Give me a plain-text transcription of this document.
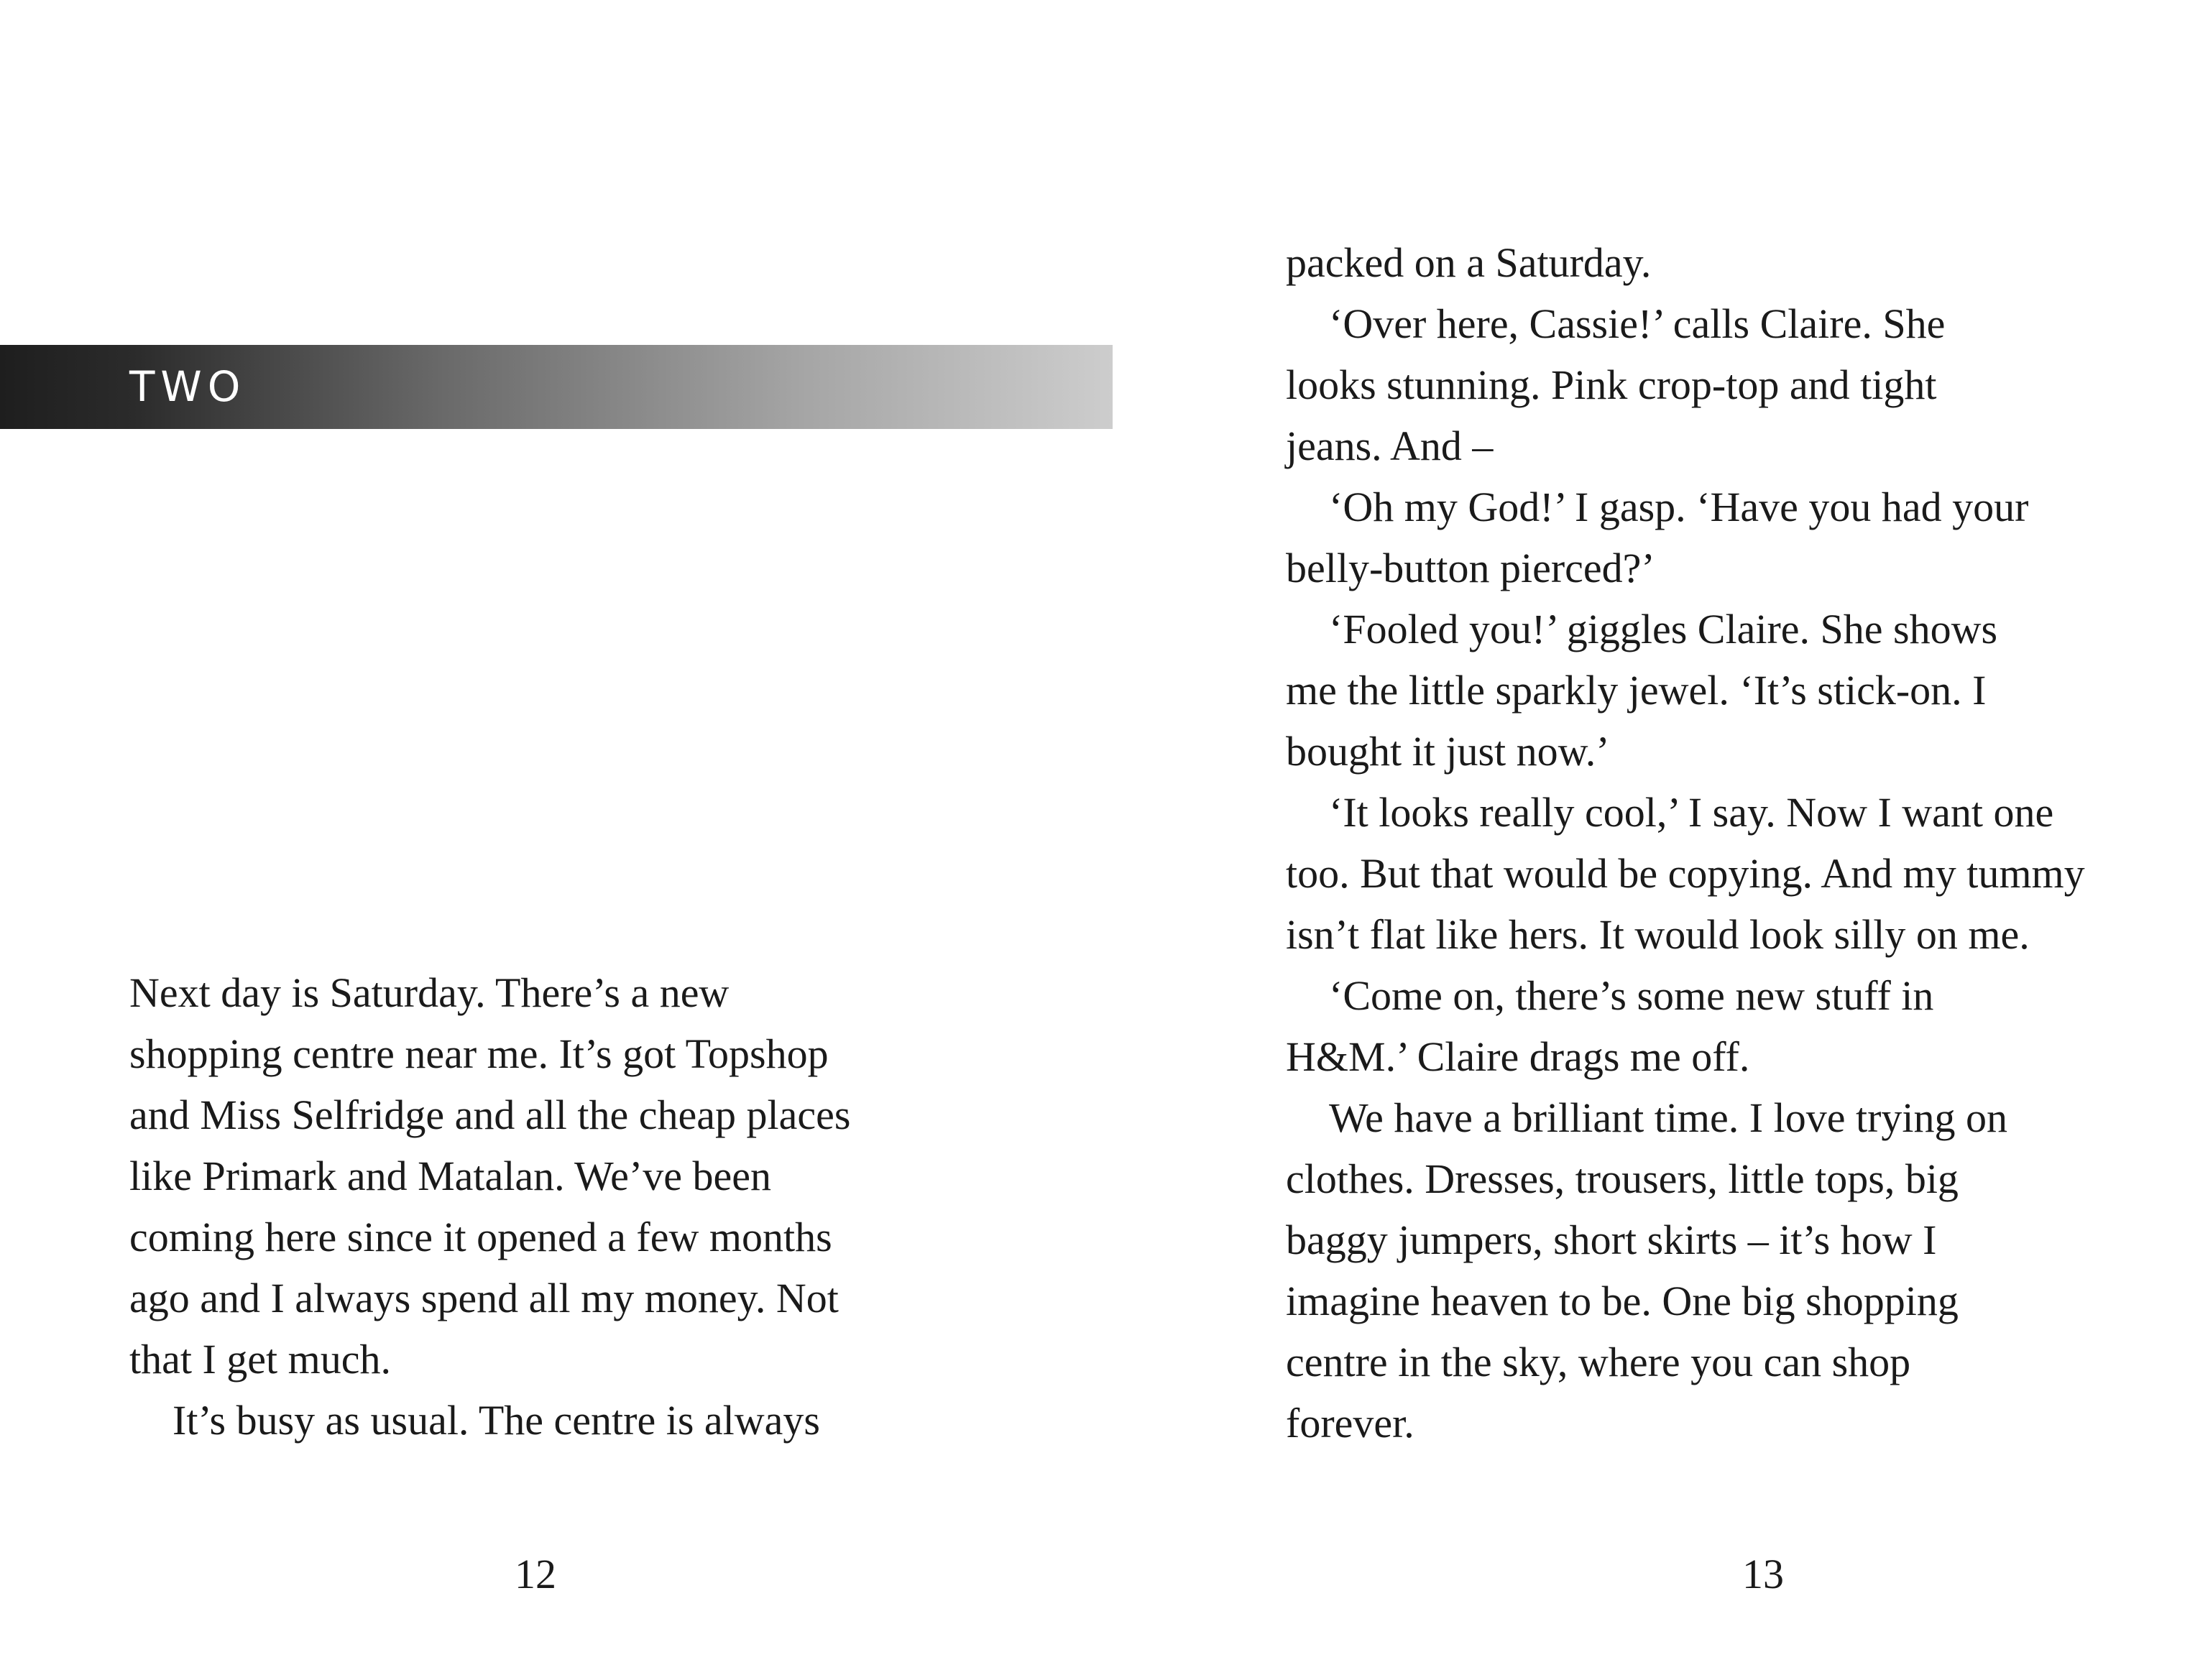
TWO
Next day is Saturday. There’s a new
shopping centre near me. It’s got Topshop
and Miss Selfridge and all the cheap places
like Primark and Matalan. We’ve been
coming here since it opened a few months
ago and I always spend all my money. Not
that I get much.
It’s busy as usual. The centre is always
12
packed on a Saturday.
‘Over here, Cassie!’ calls Claire. She
looks stunning. Pink crop-top and tight
jeans. And –
‘Oh my God!’ I gasp. ‘Have you had your
belly-button pierced?’
‘Fooled you!’ giggles Claire. She shows
me the little sparkly jewel. ‘It’s stick-on. I
bought it just now.’
‘It looks really cool,’ I say. Now I want one
too. But that would be copying. And my tummy
isn’t flat like hers. It would look silly on me.
‘Come on, there’s some new stuff in
H&M.’ Claire drags me off.
We have a brilliant time. I love trying on
clothes. Dresses, trousers, little tops, big
baggy jumpers, short skirts – it’s how I
imagine heaven to be. One big shopping
centre in the sky, where you can shop
forever.
13
